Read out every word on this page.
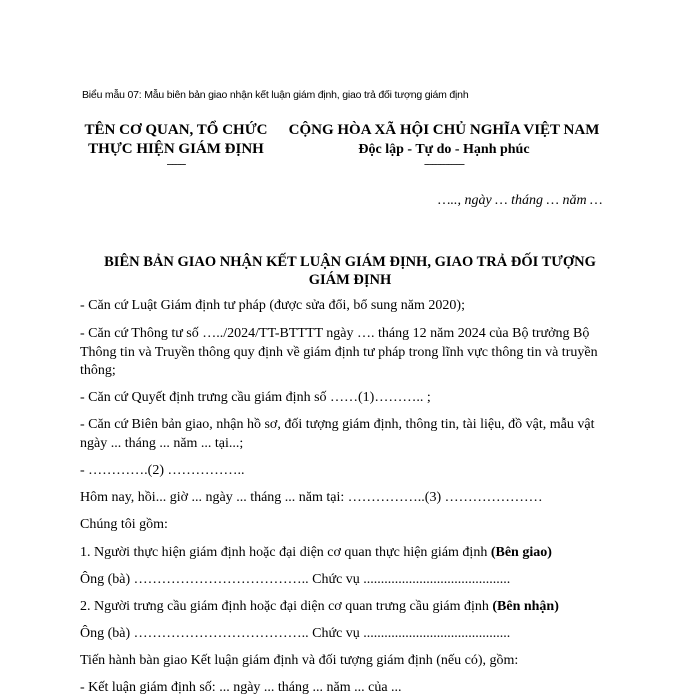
Biểu mẫu 07: Mẫu biên bản giao nhận kết luận giám định, giao trả đối tượng giám định
TÊN CƠ QUAN, TỔ CHỨC
THỰC HIỆN GIÁM ĐỊNH
-------
CỘNG HÒA XÃ HỘI CHỦ NGHĨA VIỆT NAM
Độc lập - Tự do - Hạnh phúc
---------------
….., ngày … tháng … năm …
BIÊN BẢN GIAO NHẬN KẾT LUẬN GIÁM ĐỊNH, GIAO TRẢ ĐỐI TƯỢNG GIÁM ĐỊNH
- Căn cứ Luật Giám định tư pháp (được sửa đổi, bổ sung năm 2020);
- Căn cứ Thông tư số …../2024/TT-BTTTT ngày …. tháng 12 năm 2024 của Bộ trưởng Bộ Thông tin và Truyền thông quy định về giám định tư pháp trong lĩnh vực thông tin và truyền thông;
- Căn cứ Quyết định trưng cầu giám định số ……(1)……….. ;
- Căn cứ Biên bản giao, nhận hồ sơ, đối tượng giám định, thông tin, tài liệu, đồ vật, mẫu vật ngày ... tháng ... năm ... tại...;
- ………….(2) ……………..
Hôm nay, hồi... giờ ... ngày ... tháng ... năm tại: ……………..(3) …………………
Chúng tôi gồm:
1. Người thực hiện giám định hoặc đại diện cơ quan thực hiện giám định (Bên giao)
Ông (bà) ……………………………….. Chức vụ ..........................................
2. Người trưng cầu giám định hoặc đại diện cơ quan trưng cầu giám định (Bên nhận)
Ông (bà) ……………………………….. Chức vụ ..........................................
Tiến hành bàn giao Kết luận giám định và đối tượng giám định (nếu có), gồm:
- Kết luận giám định số: ... ngày ... tháng ... năm ... của ...
